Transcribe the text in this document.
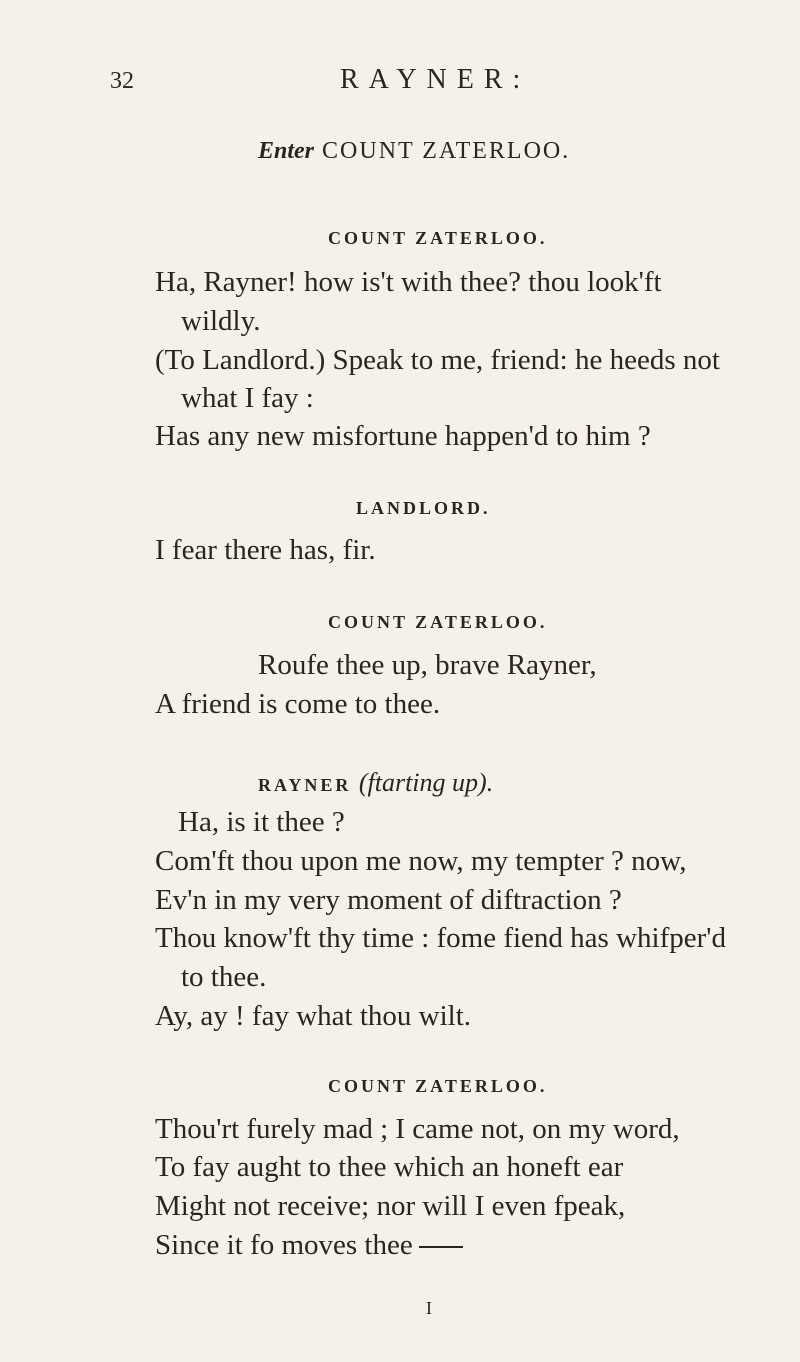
32	RAYNER:
Enter COUNT ZATERLOO.
COUNT ZATERLOO.
Ha, Rayner! how is't with thee? thou look'ft
wildly.
(To Landlord.) Speak to me, friend: he heeds not
what I fay :
Has any new misfortune happen'd to him ?
LANDLORD.
I fear there has, fir.
COUNT ZATERLOO.
Roufe thee up, brave Rayner,
A friend is come to thee.
RAYNER (ftarting up).
Ha, is it thee ?
Com'ft thou upon me now, my tempter ? now,
Ev'n in my very moment of diftraction ?
Thou know'ft thy time : fome fiend has whifper'd
to thee.
Ay, ay ! fay what thou wilt.
COUNT ZATERLOO.
Thou'rt furely mad ; I came not, on my word,
To fay aught to thee which an honeft ear
Might not receive; nor will I even fpeak,
Since it fo moves thee
I
